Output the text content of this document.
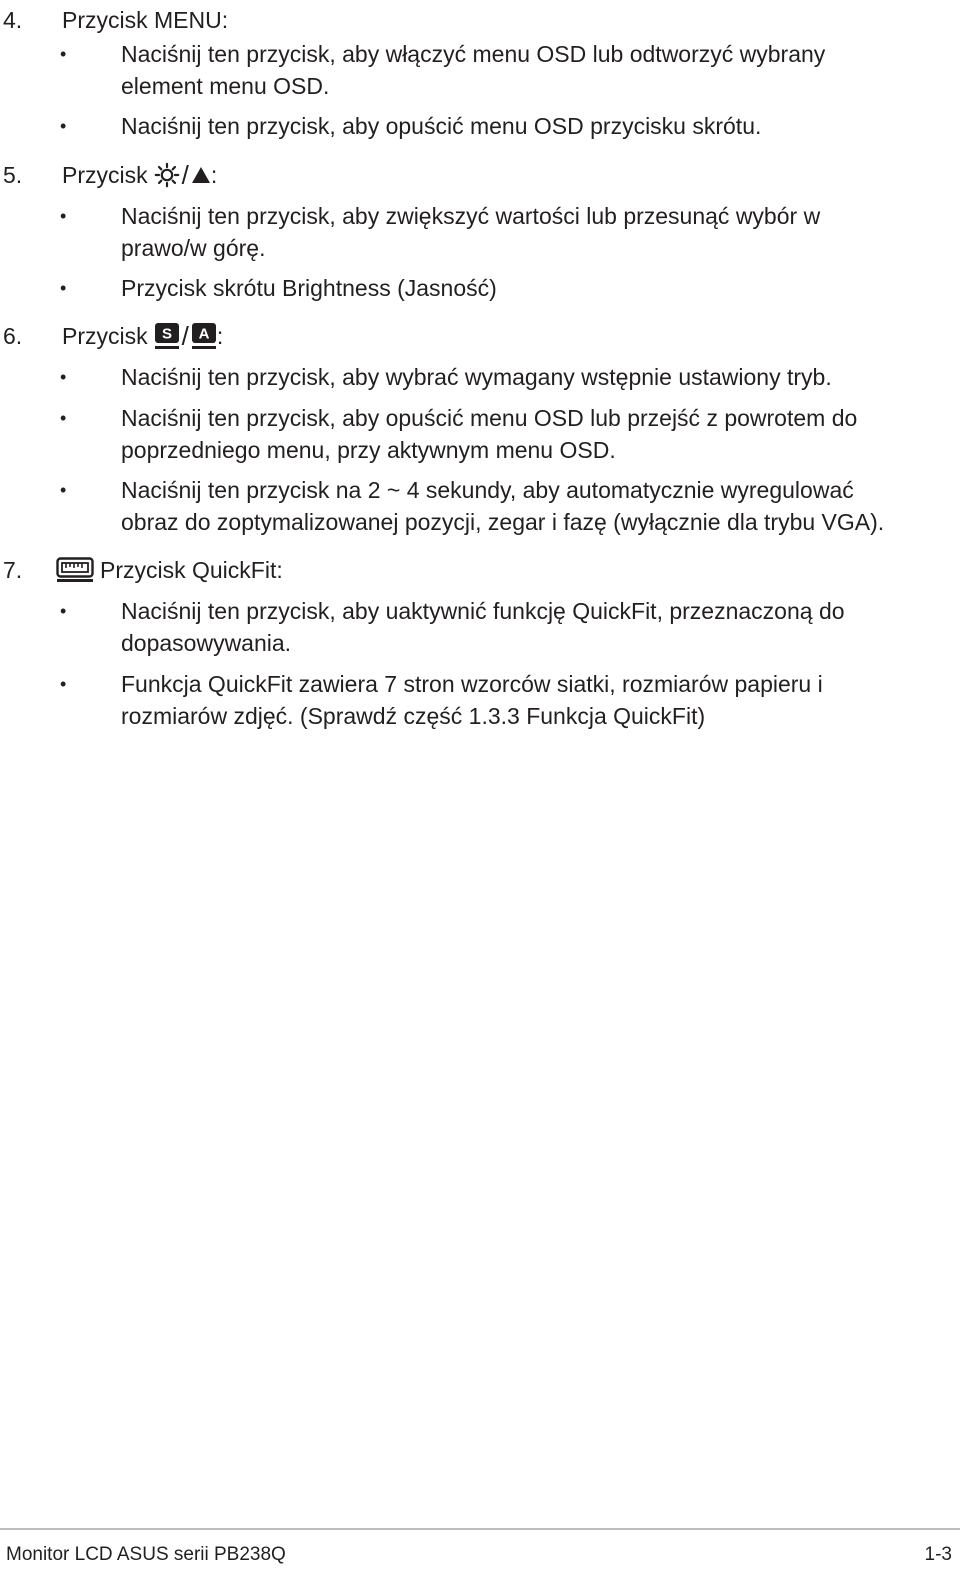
4.	Przycisk MENU:
• Naciśnij ten przycisk, aby włączyć menu OSD lub odtworzyć wybrany element menu OSD.
• Naciśnij ten przycisk, aby opuścić menu OSD przycisku skrótu.
5.	Przycisk / :
• Naciśnij ten przycisk, aby zwiększyć wartości lub przesunąć wybór w prawo/w górę.
• Przycisk skrótu Brightness (Jasność)
6.	Przycisk S / A :
• Naciśnij ten przycisk, aby wybrać wymagany wstępnie ustawiony tryb.
• Naciśnij ten przycisk, aby opuścić menu OSD lub przejść z powrotem do poprzedniego menu, przy aktywnym menu OSD.
• Naciśnij ten przycisk na 2 ~ 4 sekundy, aby automatycznie wyregulować obraz do zoptymalizowanej pozycji, zegar i fazę (wyłącznie dla trybu VGA).
7.	Przycisk QuickFit:
• Naciśnij ten przycisk, aby uaktywnić funkcję QuickFit, przeznaczoną do dopasowywania.
• Funkcja QuickFit zawiera 7 stron wzorców siatki, rozmiarów papieru i rozmiarów zdjęć. (Sprawdź część 1.3.3 Funkcja QuickFit)
Monitor LCD ASUS serii PB238Q	1-3
